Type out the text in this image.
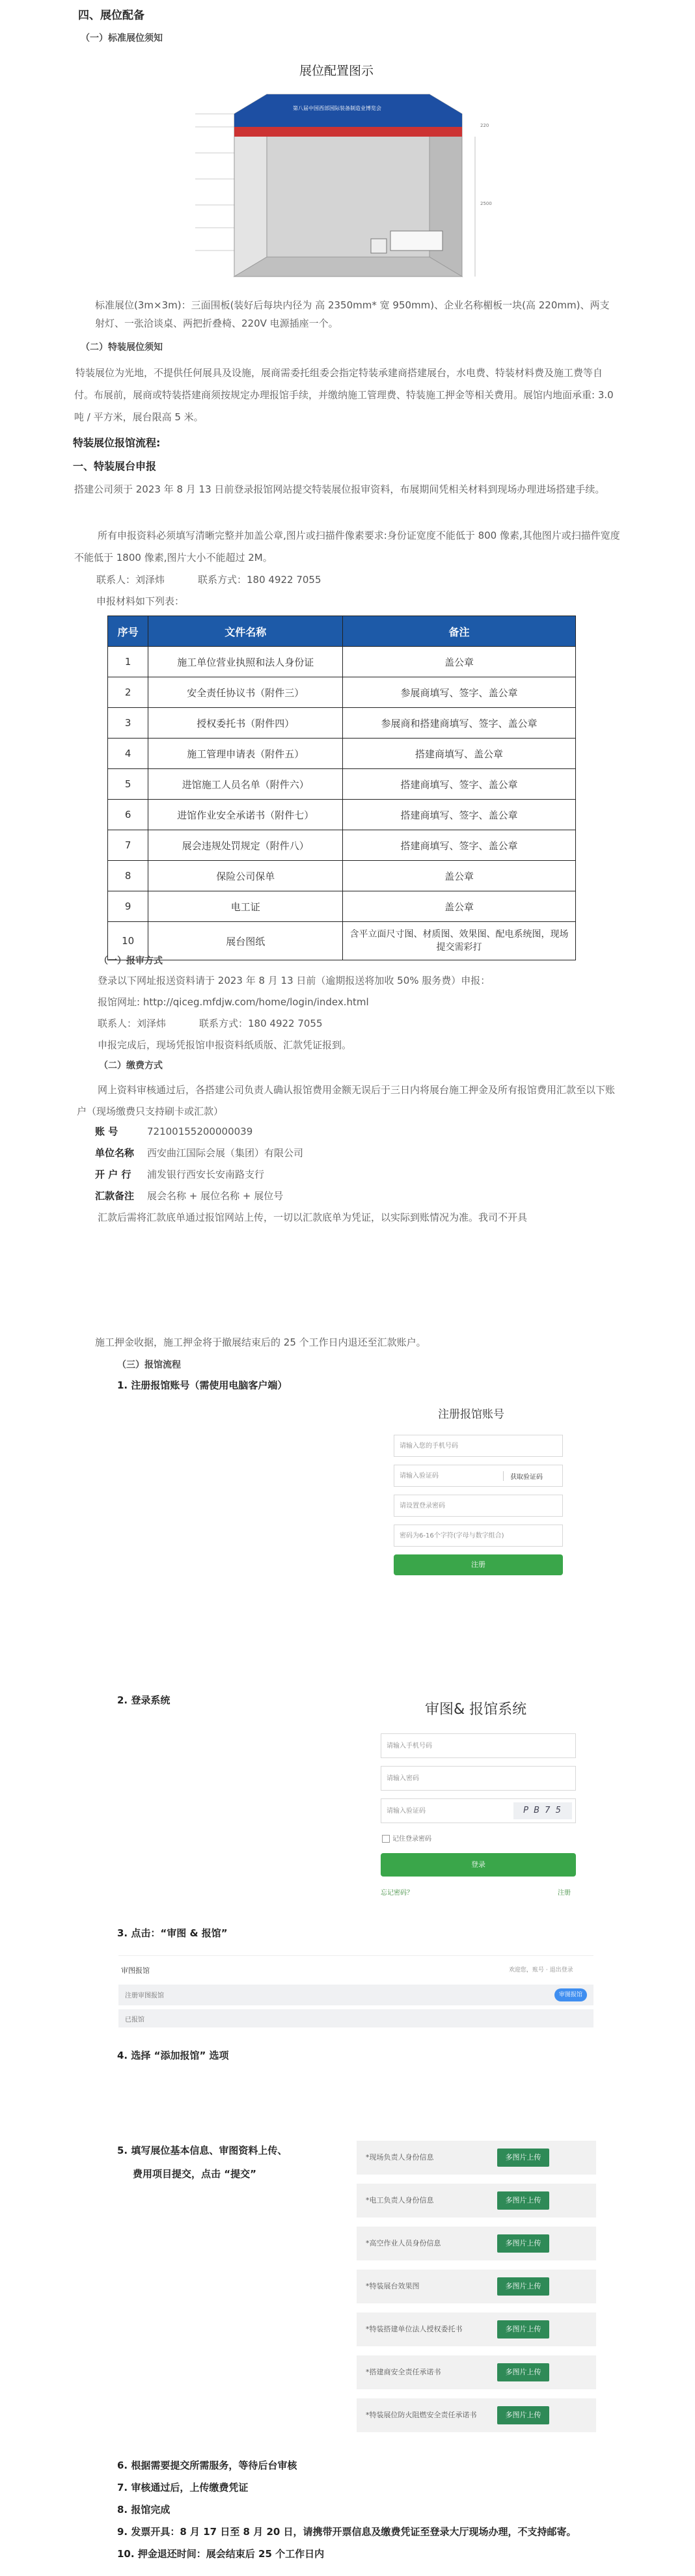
四、展位配备
（一）标准展位须知
展位配置图示
第八届中国西部国际装备制造业博览会
2500
220
标准展位(3m×3m)：三面围板(装好后每块内径为 高 2350mm* 宽 950mm)、企业名称楣板一块(高 220mm)、两支射灯、一张洽谈桌、两把折叠椅、220V 电源插座一个。
（二）特装展位须知
特装展位为光地，不提供任何展具及设施，展商需委托组委会指定特装承建商搭建展台，水电费、特装材料费及施工费等自付。布展前，展商或特装搭建商须按规定办理报馆手续，并缴纳施工管理费、特装施工押金等相关费用。展馆内地面承重: 3.0 吨 / 平方米，展台限高 5 米。
特装展位报馆流程:
一、特装展台申报
搭建公司须于 2023 年 8 月 13 日前登录报馆网站提交特装展位报审资料，布展期间凭相关材料到现场办理进场搭建手续。
所有申报资料必须填写清晰完整并加盖公章,图片或扫描件像素要求:身份证宽度不能低于 800 像素,其他图片或扫描件宽度不能低于 1800 像素,图片大小不能超过 2M。
联系人：刘泽炜	联系方式：180 4922 7055
申报材料如下列表：
序号	文件名称	备注
1	施工单位营业执照和法人身份证	盖公章
2	安全责任协议书（附件三）	参展商填写、签字、盖公章
3	授权委托书（附件四）	参展商和搭建商填写、签字、盖公章
4	施工管理申请表（附件五）	搭建商填写、盖公章
5	进馆施工人员名单（附件六）	搭建商填写、签字、盖公章
6	进馆作业安全承诺书（附件七）	搭建商填写、签字、盖公章
7	展会违规处罚规定（附件八）	搭建商填写、签字、盖公章
8	保险公司保单	盖公章
9	电工证	盖公章
10	展台图纸	含平立面尺寸图、材质图、效果图、配电系统图，现场提交需彩打
（一）报审方式
登录以下网址报送资料请于 2023 年 8 月 13 日前（逾期报送将加收 50% 服务费）申报：
报馆网址: http://qiceg.mfdjw.com/home/login/index.html
联系人：刘泽炜	联系方式：180 4922 7055
申报完成后，现场凭报馆申报资料纸质版、汇款凭证报到。
（二）缴费方式
网上资料审核通过后，各搭建公司负责人确认报馆费用金额无误后于三日内将展台施工押金及所有报馆费用汇款至以下账户（现场缴费只支持刷卡或汇款）
账 号	72100155200000039
单位名称 西安曲江国际会展（集团）有限公司
开 户 行 浦发银行西安长安南路支行
汇款备注 展会名称 + 展位名称 + 展位号
汇款后需将汇款底单通过报馆网站上传，一切以汇款底单为凭证，以实际到账情况为准。我司不开具
施工押金收据，施工押金将于撤展结束后的 25 个工作日内退还至汇款账户。
（三）报馆流程
1. 注册报馆账号（需使用电脑客户端）
注册报馆账号
请输入您的手机号码
请输入验证码	获取验证码
请设置登录密码
密码为6-16个字符(字母与数字组合)
注册
2. 登录系统
审图& 报馆系统
请输入手机号码
请输入密码
请输入验证码	P B 7 5
记住登录密码
登录
忘记密码？	注册
3. 点击：“审图 & 报馆”
审图报馆	欢迎您，账号 · 退出登录
注册审图报馆	审图报馆
已报馆
4. 选择 “添加报馆” 选项
5. 填写展位基本信息、审图资料上传、
费用项目提交，点击 “提交”
*现场负责人身份信息	多图片上传
*电工负责人身份信息	多图片上传
*高空作业人员身份信息	多图片上传
*特装展台效果图	多图片上传
*特装搭建单位法人授权委托书	多图片上传
*搭建商安全责任承诺书	多图片上传
*特装展位防火阻燃安全责任承诺书	多图片上传
6. 根据需要提交所需服务，等待后台审核
7. 审核通过后，上传缴费凭证
8. 报馆完成
9. 发票开具：8 月 17 日至 8 月 20 日，请携带开票信息及缴费凭证至登录大厅现场办理，不支持邮寄。
10. 押金退还时间：展会结束后 25 个工作日内
